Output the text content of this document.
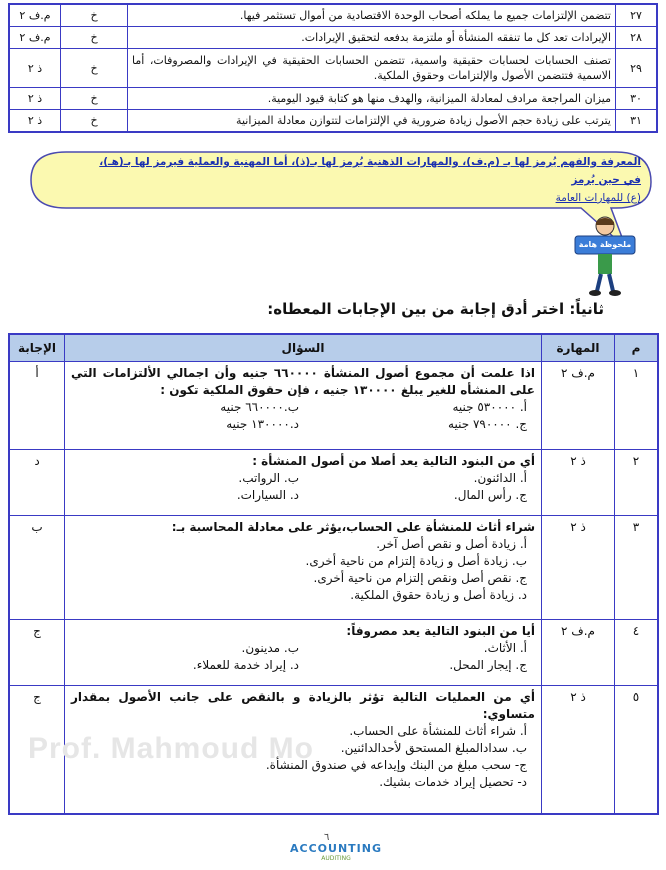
٢٧	تتضمن الإلتزامات جميع ما يملكه أصحاب الوحدة الاقتصادية من أموال تستثمر فيها.	خ	م.ف ٢
٢٨	الإيرادات تعد كل ما تنفقه المنشأة أو ملتزمة بدفعه لتحقيق الإيرادات.	خ	م.ف ٢
٢٩	تصنف الحسابات لحسابات حقيقية واسمية، تتضمن الحسابات الحقيقية في الإيرادات والمصروفات، أما الاسمية فتتضمن الأصول والإلتزامات وحقوق الملكية.	خ	ذ ٢
٣٠	ميزان المراجعة مرادف لمعادلة الميزانية، والهدف منها هو كتابة قيود اليومية.	خ	ذ ٢
٣١	يترتب على زيادة حجم الأصول زيادة ضرورية في الإلتزامات لتتوازن معادلة الميزانية	خ	ذ ٢
المعرفة والفهم يُرمز لها بـ (م.ف)، والمهارات الذهنية يُرمز لها بـ(ذ)، أما المهنية والعملية فيرمز لها بـ(هـ)، في حين يُرمز
(ع) للمهارات العامة
ملحوظة هامة
ثانياً: اختر أدق إجابة من بين الإجابات المعطاه:
م	المهارة	السؤال	الإجابة
١	م.ف ٢	اذا علمت أن مجموع أصول المنشأة ٦٦٠٠٠٠ جنيه وأن اجمالي الألتزامات التي على المنشأه للغير يبلغ ١٣٠٠٠٠ جنيه ، فإن حقوق الملكية تكون :
أ. ٥٣٠٠٠٠ جنيه
ب.٦٦٠٠٠٠ جنيه
ج. ٧٩٠٠٠٠ جنيه
د.١٣٠٠٠٠ جنيه	أ
٢	ذ ٢	أي من البنود التالية يعد أصلا من أصول المنشأة :
أ. الدائنون.
ب. الرواتب.
ج. رأس المال.
د. السيارات.	د
٣	ذ ٢	شراء أثاث للمنشأة على الحساب،يؤثر على معادلة المحاسبة بـ:
أ. زيادة أصل و نقص أصل آخر.
ب. زيادة أصل و زيادة إلتزام من ناحية أخرى.
ج. نقص أصل ونقص إلتزام من ناحية أخرى.
د. زيادة أصل و زيادة حقوق الملكية.	ب
٤	م.ف ٢	أيا من البنود التالية يعد مصروفاً:
أ. الأثاث.
ب. مدينون.
ج. إيجار المحل.
د. إيراد خدمة للعملاء.	ج
٥	ذ ٢	أي من العمليات التالية تؤثر بالزيادة و بالنقص على جانب الأصول بمقدار متساوي:
أ. شراء أثاث للمنشأة على الحساب.
ب. سدادالمبلغ المستحق لأحدالدائنين.
ج- سحب مبلغ من البنك وإيداعه في صندوق المنشأة.
د- تحصيل إيراد خدمات بشيك.	ج
Prof. Mahmoud Mo
٦
ACCOUNTING
AUDITING
